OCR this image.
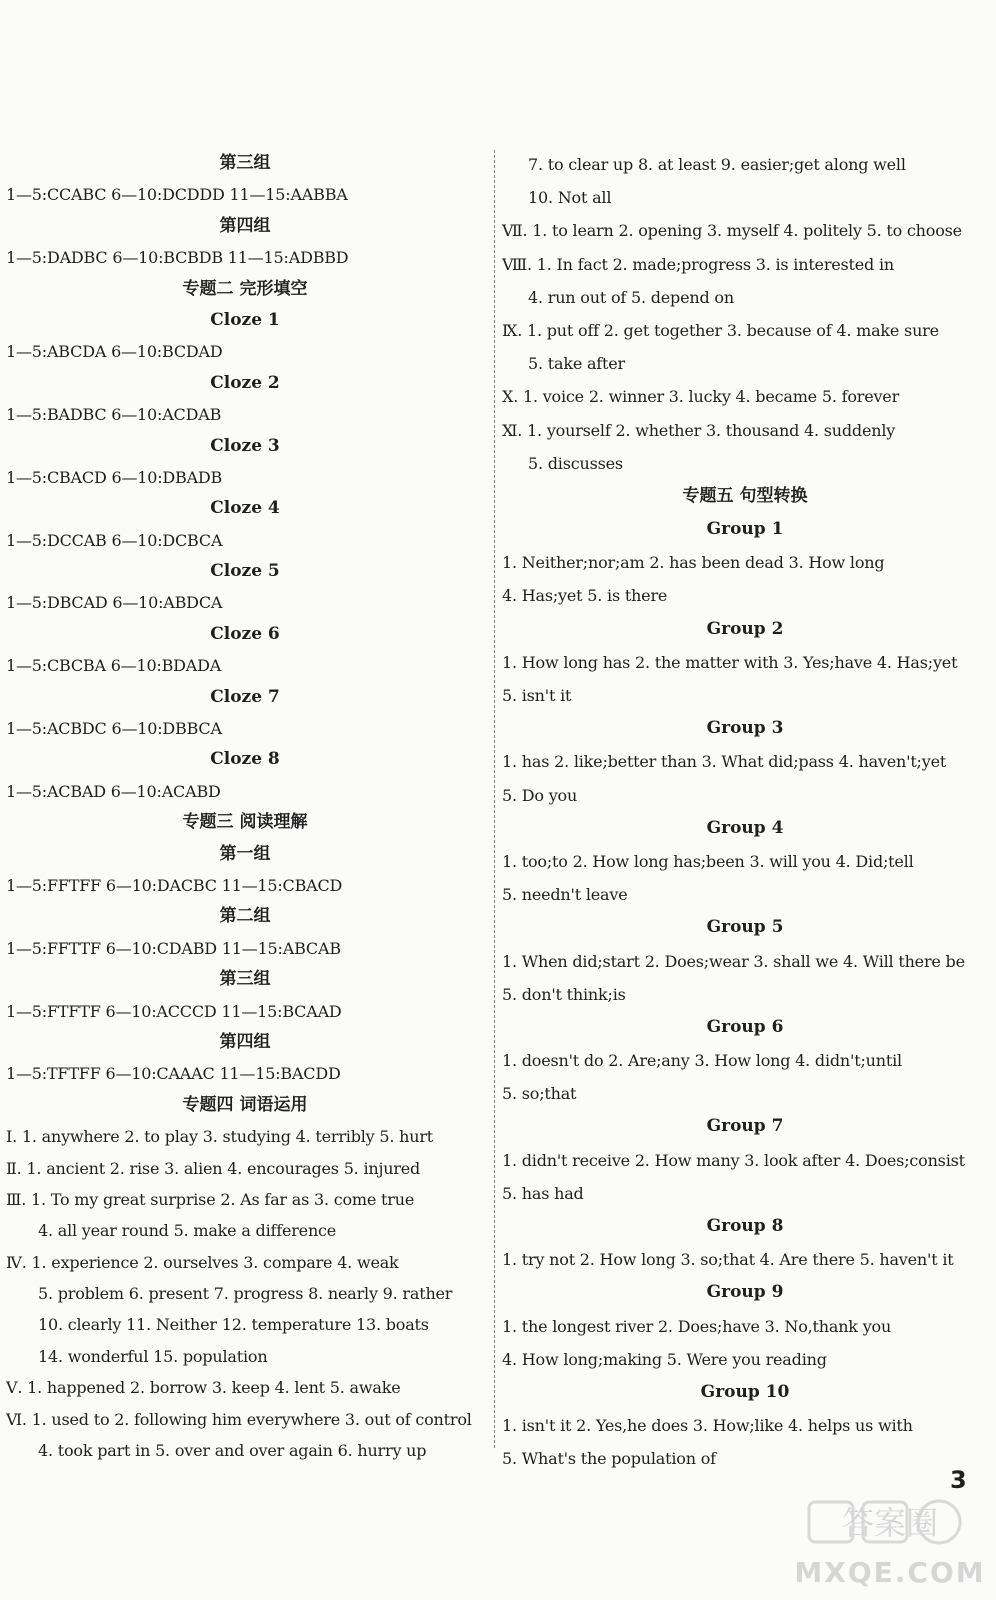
第三组
1—5:CCABC 6—10:DCDDD 11—15:AABBA
第四组
1—5:DADBC 6—10:BCBDB 11—15:ADBBD
专题二 完形填空
Cloze 1
1—5:ABCDA 6—10:BCDAD
Cloze 2
1—5:BADBC 6—10:ACDAB
Cloze 3
1—5:CBACD 6—10:DBADB
Cloze 4
1—5:DCCAB 6—10:DCBCA
Cloze 5
1—5:DBCAD 6—10:ABDCA
Cloze 6
1—5:CBCBA 6—10:BDADA
Cloze 7
1—5:ACBDC 6—10:DBBCA
Cloze 8
1—5:ACBAD 6—10:ACABD
专题三 阅读理解
第一组
1—5:FFTFF 6—10:DACBC 11—15:CBACD
第二组
1—5:FFTTF 6—10:CDABD 11—15:ABCAB
第三组
1—5:FTFTF 6—10:ACCCD 11—15:BCAAD
第四组
1—5:TFTFF 6—10:CAAAC 11—15:BACDD
专题四 词语运用
Ⅰ. 1. anywhere 2. to play 3. studying 4. terribly 5. hurt
Ⅱ. 1. ancient 2. rise 3. alien 4. encourages 5. injured
Ⅲ. 1. To my great surprise 2. As far as 3. come true
4. all year round 5. make a difference
Ⅳ. 1. experience 2. ourselves 3. compare 4. weak
5. problem 6. present 7. progress 8. nearly 9. rather
10. clearly 11. Neither 12. temperature 13. boats
14. wonderful 15. population
Ⅴ. 1. happened 2. borrow 3. keep 4. lent 5. awake
Ⅵ. 1. used to 2. following him everywhere 3. out of control
4. took part in 5. over and over again 6. hurry up
7. to clear up 8. at least 9. easier;get along well
10. Not all
Ⅶ. 1. to learn 2. opening 3. myself 4. politely 5. to choose
Ⅷ. 1. In fact 2. made;progress 3. is interested in
4. run out of 5. depend on
Ⅸ. 1. put off 2. get together 3. because of 4. make sure
5. take after
Ⅹ. 1. voice 2. winner 3. lucky 4. became 5. forever
Ⅺ. 1. yourself 2. whether 3. thousand 4. suddenly
5. discusses
专题五 句型转换
Group 1
1. Neither;nor;am 2. has been dead 3. How long
4. Has;yet 5. is there
Group 2
1. How long has 2. the matter with 3. Yes;have 4. Has;yet
5. isn't it
Group 3
1. has 2. like;better than 3. What did;pass 4. haven't;yet
5. Do you
Group 4
1. too;to 2. How long has;been 3. will you 4. Did;tell
5. needn't leave
Group 5
1. When did;start 2. Does;wear 3. shall we 4. Will there be
5. don't think;is
Group 6
1. doesn't do 2. Are;any 3. How long 4. didn't;until
5. so;that
Group 7
1. didn't receive 2. How many 3. look after 4. Does;consist
5. has had
Group 8
1. try not 2. How long 3. so;that 4. Are there 5. haven't it
Group 9
1. the longest river 2. Does;have 3. No,thank you
4. How long;making 5. Were you reading
Group 10
1. isn't it 2. Yes,he does 3. How;like 4. helps us with
5. What's the population of
3
答案圈
MXQE.COM
